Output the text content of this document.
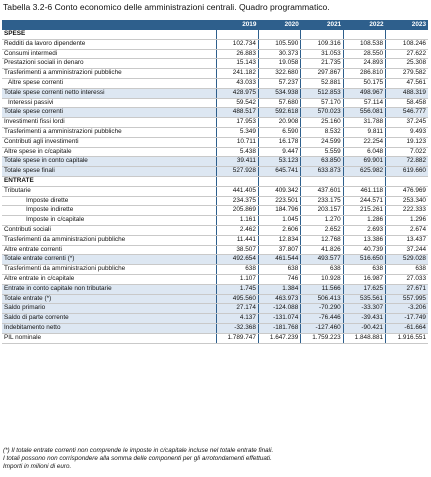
Tabella 3.2-6 Conto economico delle amministrazioni centrali. Quadro programmatico.
	2019	2020	2021	2022	2023
SPESE					
Redditi da lavoro dipendente	102.734	105.590	109.316	108.538	108.246
Consumi intermedi	26.883	30.373	31.053	28.550	27.622
Prestazioni sociali in denaro	15.143	19.058	21.735	24.893	25.308
Trasferimenti a amministrazioni pubbliche	241.182	322.680	297.867	286.810	279.582
Altre spese correnti	43.033	57.237	52.881	50.175	47.561
Totale spese correnti netto interessi	428.975	534.938	512.853	498.967	488.319
Interessi passivi	59.542	57.680	57.170	57.114	58.458
Totale spese correnti	488.517	592.618	570.023	556.081	546.777
Investimenti fissi lordi	17.953	20.908	25.160	31.788	37.245
Trasferimenti a amministrazioni pubbliche	5.349	6.590	8.532	9.811	9.493
Contributi agli investimenti	10.711	16.178	24.599	22.254	19.123
Altre spese in c/capitale	5.438	9.447	5.559	6.048	7.022
Totale spese in conto capitale	39.411	53.123	63.850	69.901	72.882
Totale spese finali	527.928	645.741	633.873	625.982	619.660
ENTRATE					
Tributarie	441.405	409.342	437.601	461.118	476.969
Imposte dirette	234.375	223.501	233.175	244.571	253.340
Imposte indirette	205.869	184.796	203.157	215.261	222.333
Imposte in c/capitale	1.161	1.045	1.270	1.286	1.296
Contributi sociali	2.462	2.606	2.652	2.693	2.674
Trasferimenti da amministrazioni pubbliche	11.441	12.834	12.768	13.386	13.437
Altre entrate correnti	38.507	37.807	41.826	40.739	37.244
Totale entrate correnti (*)	492.654	461.544	493.577	516.650	529.028
Trasferimenti da amministrazioni pubbliche	638	638	638	638	638
Altre entrate in c/capitale	1.107	746	10.928	16.987	27.033
Entrate in conto capitale non tributarie	1.745	1.384	11.566	17.625	27.671
Totale entrate (*)	495.560	463.973	506.413	535.561	557.995
Saldo primario	27.174	-124.088	-70.290	-33.307	-3.206
Saldo di parte corrente	4.137	-131.074	-76.446	-39.431	-17.749
Indebitamento netto	-32.368	-181.768	-127.460	-90.421	-61.664
PIL nominale	1.789.747	1.647.239	1.759.223	1.848.881	1.916.551
(*) Il totale entrate correnti non comprende le imposte in c/capitale incluse nel totale entrate finali.
I totali possono non corrispondere alla somma delle componenti per gli arrotondamenti effettuati.
Importi in milioni di euro.
